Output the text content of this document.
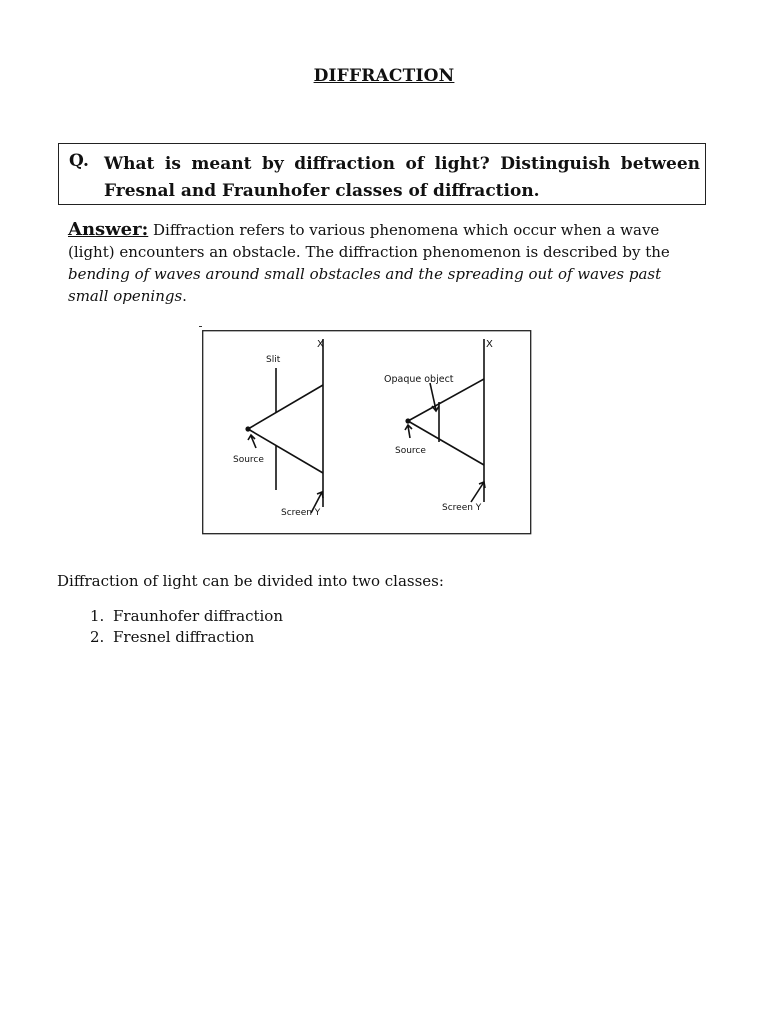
DIFFRACTION
Q. What is meant by diffraction of light? Distinguish between Fresnal and Fraunhofer classes of diffraction.
Answer: Diffraction refers to various phenomena which occur when a wave (light) encounters an obstacle. The diffraction phenomenon is described by the bending of waves around small obstacles and the spreading out of waves past small openings.
X
Slit
Source
Screen Y
X
Opaque object
Source
Screen Y
Diffraction of light can be divided into two classes:
1. Fraunhofer diffraction
2. Fresnel diffraction
